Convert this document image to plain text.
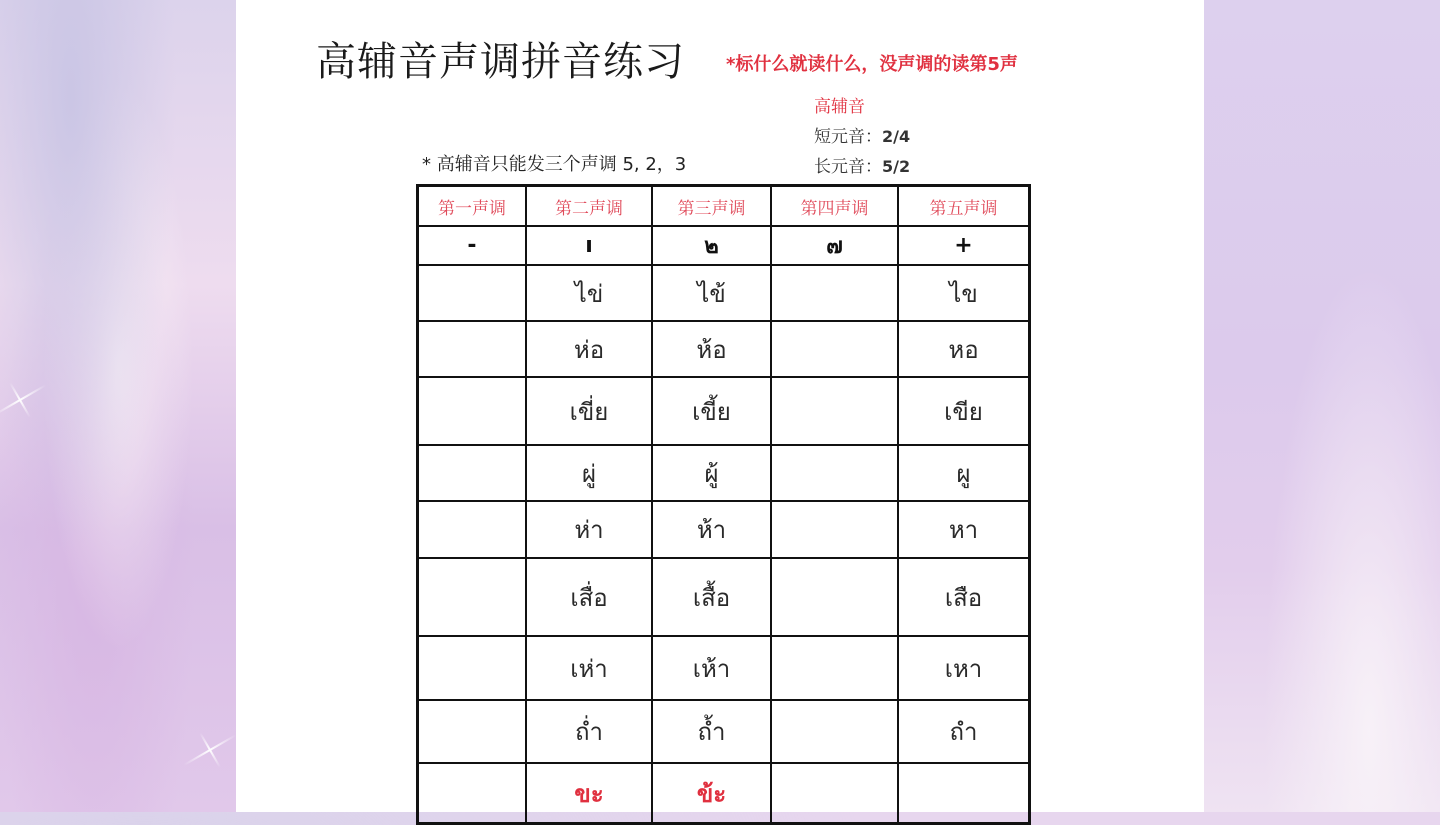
高辅音声调拼音练习 *标什么就读什么，没声调的读第5声
高辅音
短元音：2/4
长元音：5/2
* 高辅音只能发三个声调 5, 2，3
第一声调	第二声调	第三声调	第四声调	第五声调
-	ı	๒	๗	+
	ไข่	ไข้		ไข
	ห่อ	ห้อ		หอ
	เขี่ย	เขี้ย		เขีย
	ผู่	ผู้		ผู
	ห่า	ห้า		หา
	เสื่อ	เสื้อ		เสือ
	เห่า	เห้า		เหา
	ถ่ำ	ถ้ำ		ถำ
	ขะ	ข้ะ		
